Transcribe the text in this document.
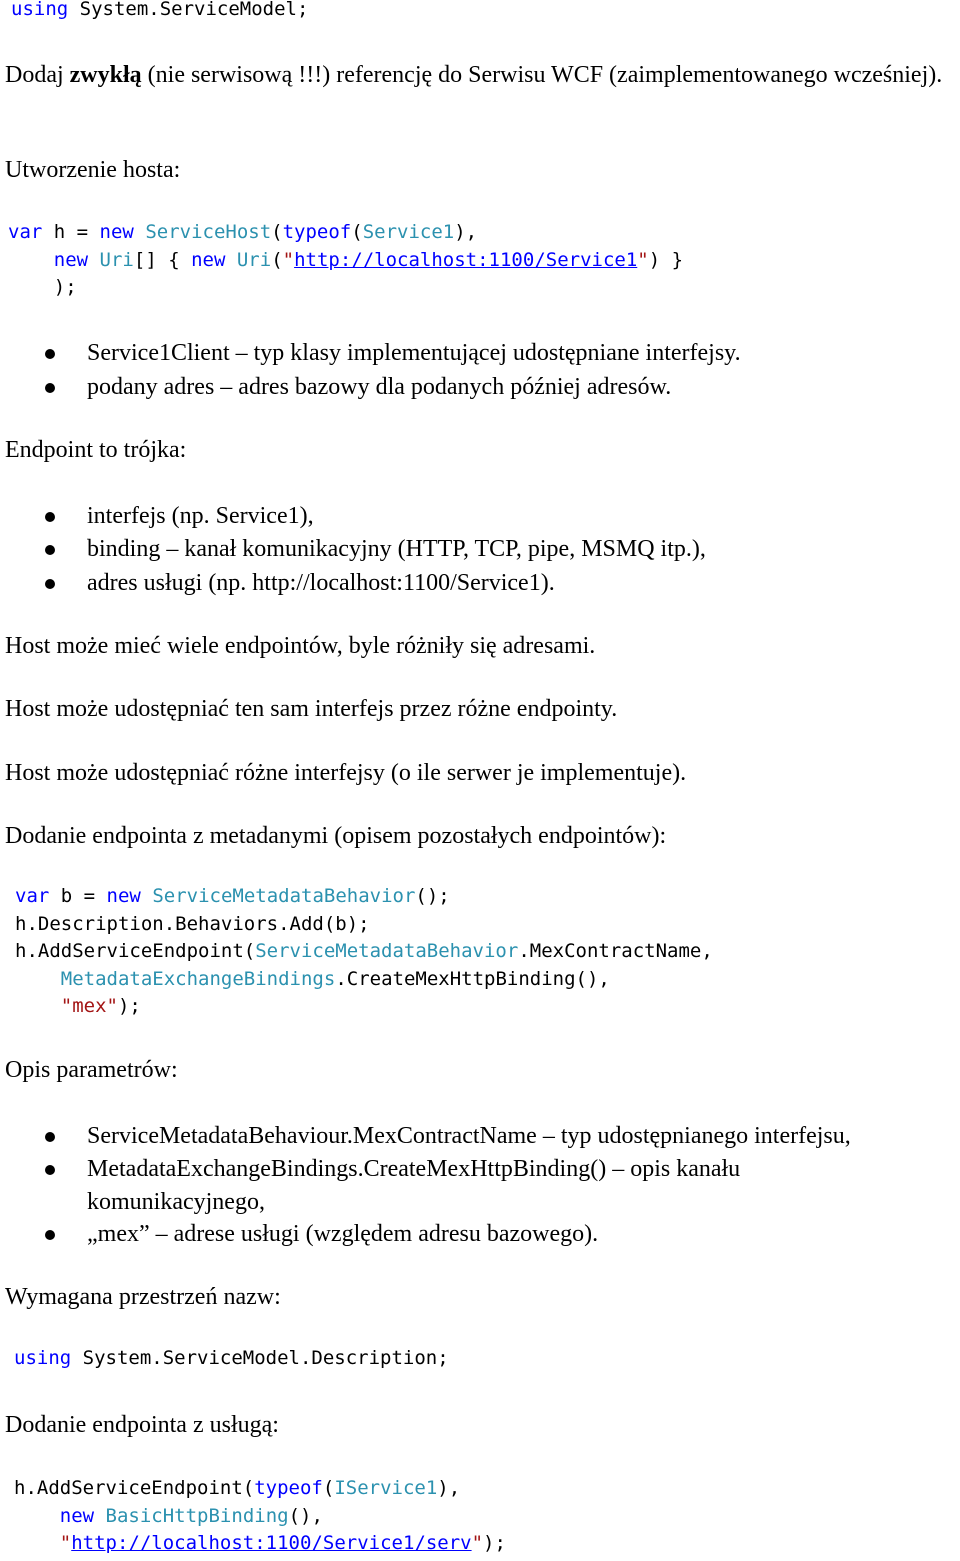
using System.ServiceModel;

Dodaj zwykłą (nie serwisową !!!) referencję do Serwisu WCF (zaimplementowanego wcześniej).

Utworzenie hosta:

var h = new ServiceHost(typeof(Service1),
new Uri[] { new Uri("http://localhost:1100/Service1") }
);

Service1Client – typ klasy implementującej udostępniane interfejsy.

podany adres – adres bazowy dla podanych później adresów.

Endpoint to trójka:

interfejs (np. Service1),

binding – kanał komunikacyjny (HTTP, TCP, pipe, MSMQ itp.),

adres usługi (np. http://localhost:1100/Service1).

Host może mieć wiele endpointów, byle różniły się adresami.

Host może udostępniać ten sam interfejs przez różne endpointy.

Host może udostępniać różne interfejsy (o ile serwer je implementuje).

Dodanie endpointa z metadanymi (opisem pozostałych endpointów):

var b = new ServiceMetadataBehavior();
h.Description.Behaviors.Add(b);
h.AddServiceEndpoint(ServiceMetadataBehavior.MexContractName,
MetadataExchangeBindings.CreateMexHttpBinding(),
"mex");

Opis parametrów:

ServiceMetadataBehaviour.MexContractName – typ udostępnianego interfejsu,

MetadataExchangeBindings.CreateMexHttpBinding() – opis kanału komunikacyjnego,

„mex” – adrese usługi (względem adresu bazowego).

Wymagana przestrzeń nazw:

using System.ServiceModel.Description;

Dodanie endpointa z usługą:

h.AddServiceEndpoint(typeof(IService1),
new BasicHttpBinding(),
"http://localhost:1100/Service1/serv");
